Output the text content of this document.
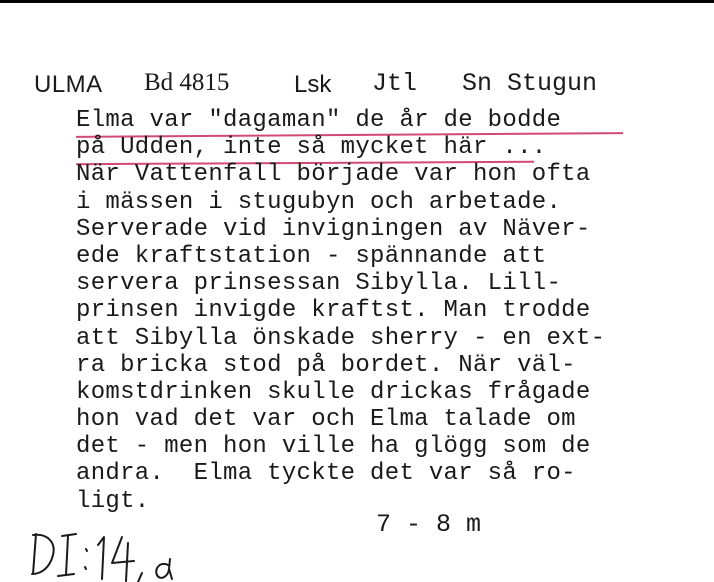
ULMA Bd 4815	Lsk Jtl Sn Stugun
Elma var "dagaman" de år de bodde
på Udden, inte så mycket här ...
När Vattenfall började var hon ofta
i mässen i stugubyn och arbetade.
Serverade vid invigningen av Näver-
ede kraftstation - spännande att
servera prinsessan Sibylla. Lill-
prinsen invigde kraftst. Man trodde
att Sibylla önskade sherry - en ext-
ra bricka stod på bordet. När väl-
komstdrinken skulle drickas frågade
hon vad det var och Elma talade om
det - men hon ville ha glögg som de
andra.  Elma tyckte det var så ro-
ligt.
7 - 8 m
